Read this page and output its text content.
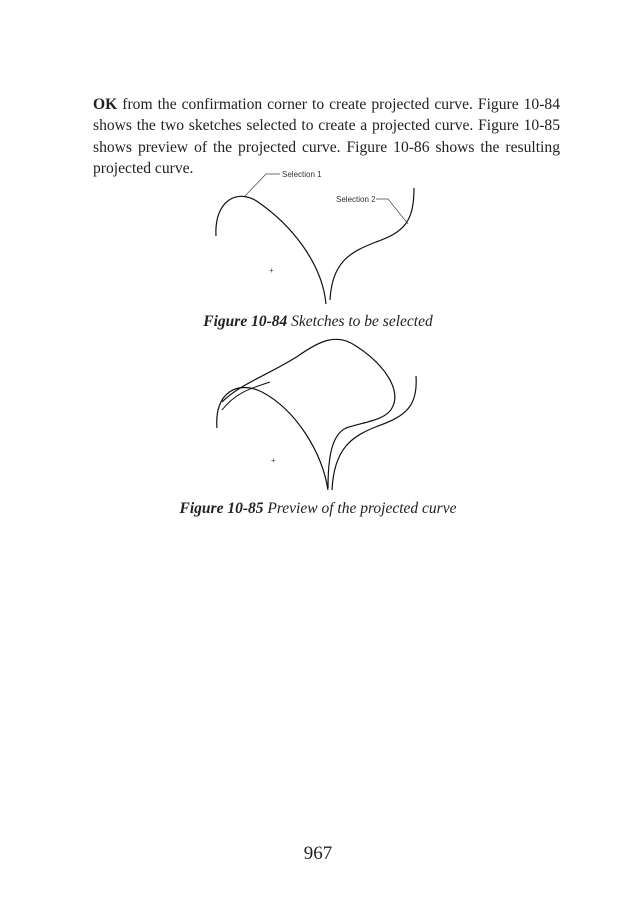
OK from the confirmation corner to create projected curve. Figure 10-84 shows the two sketches selected to create a projected curve. Figure 10-85 shows preview of the projected curve. Figure 10-86 shows the resulting projected curve.

+
Selection 1
Selection 2
Figure 10-84 Sketches to be selected
+
Figure 10-85 Preview of the projected curve
967
